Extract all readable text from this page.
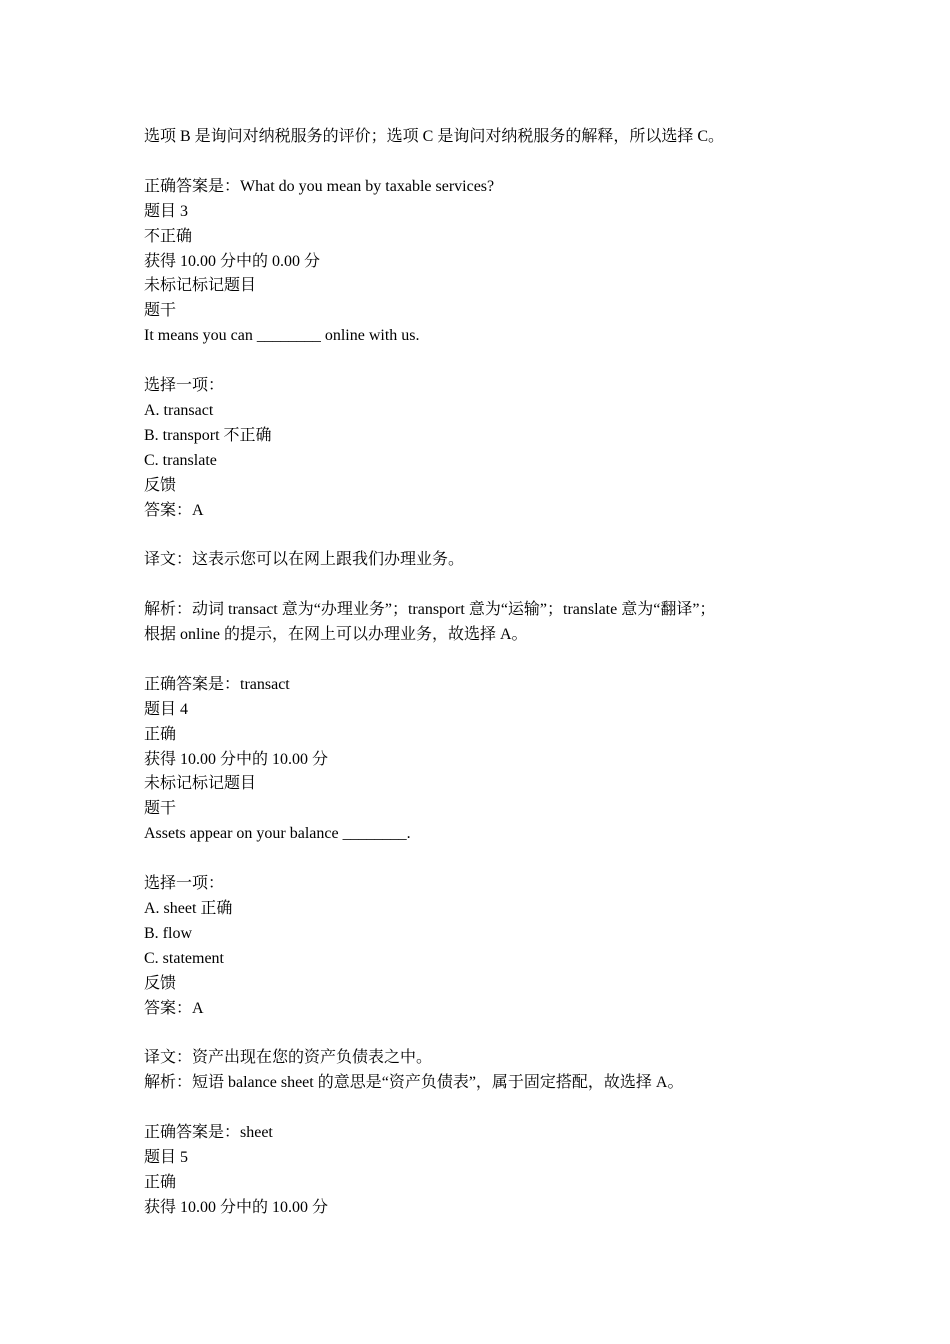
选项 B 是询问对纳税服务的评价；选项 C 是询问对纳税服务的解释，所以选择 C。

正确答案是：What do you mean by taxable services?

题目 3

不正确

获得 10.00 分中的 0.00 分

未标记标记题目

题干

It means you can ________ online with us.

选择一项：

A. transact

B. transport 不正确

C. translate

反馈

答案：A

译文：这表示您可以在网上跟我们办理业务。

解析：动词 transact 意为“办理业务”；transport 意为“运输”；translate 意为“翻译”；

根据 online 的提示，在网上可以办理业务，故选择 A。

正确答案是：transact

题目 4

正确

获得 10.00 分中的 10.00 分

未标记标记题目

题干

Assets appear on your balance ________.

选择一项：

A. sheet 正确

B. flow

C. statement

反馈

答案：A

译文：资产出现在您的资产负债表之中。

解析：短语 balance sheet 的意思是“资产负债表”，属于固定搭配，故选择 A。

正确答案是：sheet

题目 5

正确

获得 10.00 分中的 10.00 分
